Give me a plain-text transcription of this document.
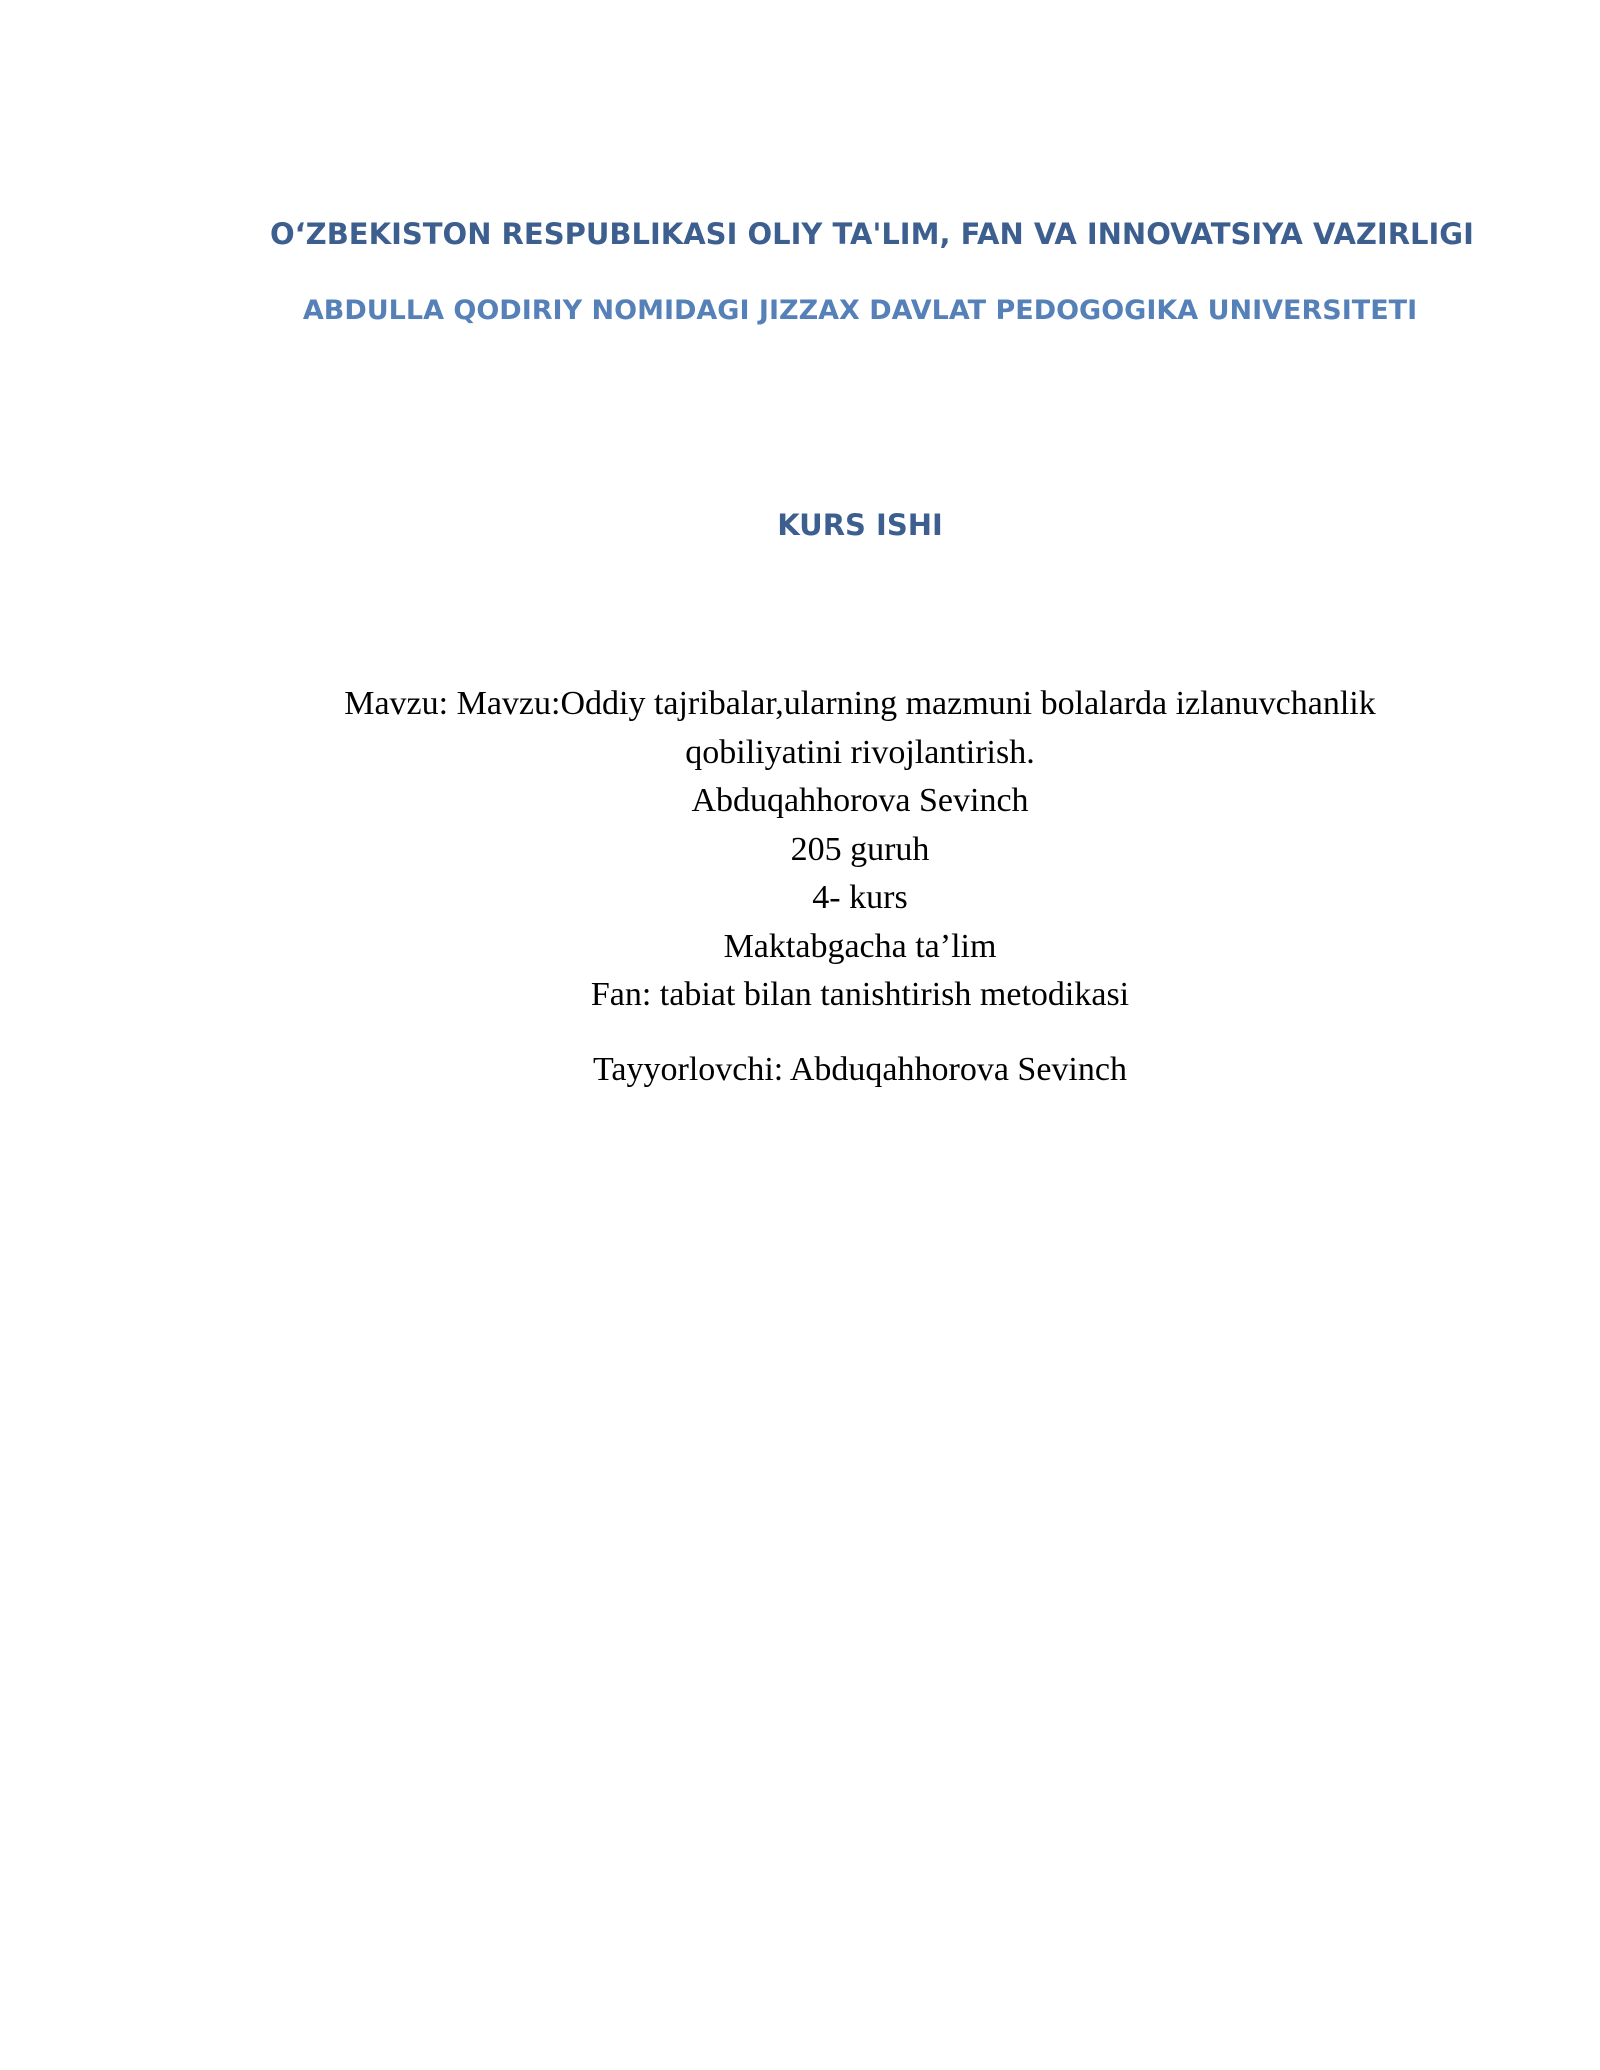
O‘ZBEKISTON RESPUBLIKASI OLIY TA'LIM, FAN VA INNOVATSIYA VAZIRLIGI
ABDULLA QODIRIY NOMIDAGI JIZZAX DAVLAT PEDOGOGIKA UNIVERSITETI
KURS ISHI
Mavzu: Mavzu:Oddiy tajribalar,ularning mazmuni bolalarda izlanuvchanlik
qobiliyatini rivojlantirish.
Abduqahhorova Sevinch
205 guruh
4- kurs
Maktabgacha ta’lim
Fan: tabiat bilan tanishtirish metodikasi
Tayyorlovchi: Abduqahhorova Sevinch
